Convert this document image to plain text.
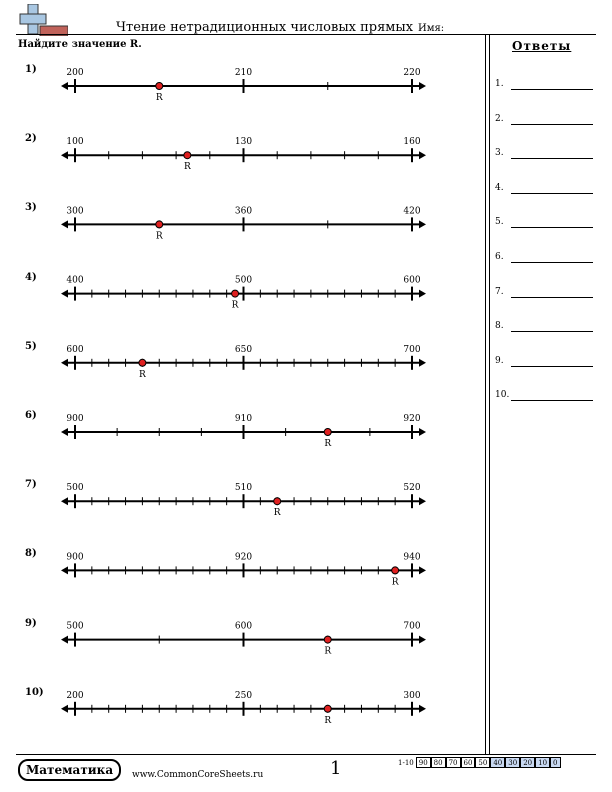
Чтение нетрадиционных числовых прямых Имя:
Найдите значение R.	Ответы
1.
2.
3.
4.
5.
6.
7.
8.
9.
10.
1)
2)
3)
4)
5)
6)
7)
8)
9)
10)
200	210	220
R
100	130	160
R
300	360	420
R
400	500	600
R
600	650	700
R
900	910	920
R
500	510	520
R
900	920	940
R
500	600	700
R
200	250	300
R
Математика	www.CommonCoreSheets.ru	1	1-10	90	80	70	60	50	40	30	20	10	0
